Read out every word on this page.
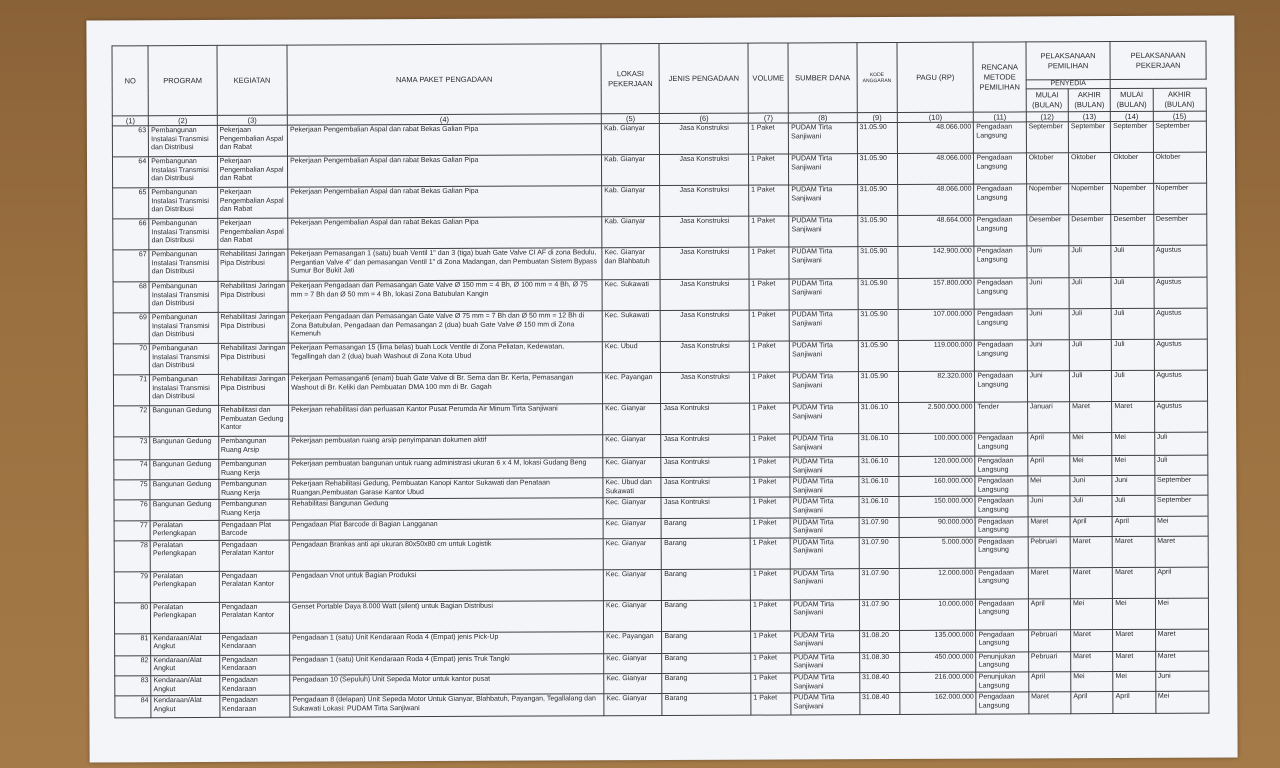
NO	PROGRAM	KEGIATAN	NAMA PAKET PENGADAAN	LOKASI PEKERJAAN	JENIS PENGADAAN	VOLUME	SUMBER DANA	KODE ANGGARAN	PAGU (RP)	RENCANA METODE PEMILIHAN	PELAKSANAAN PEMILIHAN		PELAKSANAAN PEKERJAAN	
											PENYEDIA			
											MULAI (BULAN)	AKHIR (BULAN)	MULAI (BULAN)	AKHIR (BULAN)
(1)	(2)	(3)	(4)	(5)	(6)	(7)	(8)	(9)	(10)	(11)	(12)	(13)	(14)	(15)
63	Pembangunan Instalasi Transmisi dan Distribusi	Pekerjaan Pengembalian Aspal dan Rabat	Pekerjaan Pengembalian Aspal dan rabat Bekas Galian Pipa	Kab. Gianyar	Jasa Konstruksi	1 Paket	PUDAM Tirta Sanjiwani	31.05.90	48.066.000	Pengadaan Langsung	September	September	September	September
64	Pembangunan Instalasi Transmisi dan Distribusi	Pekerjaan Pengembalian Aspal dan Rabat	Pekerjaan Pengembalian Aspal dan rabat Bekas Galian Pipa	Kab. Gianyar	Jasa Konstruksi	1 Paket	PUDAM Tirta Sanjiwani	31.05.90	48.066.000	Pengadaan Langsung	Oktober	Oktober	Oktober	Oktober
65	Pembangunan Instalasi Transmisi dan Distribusi	Pekerjaan Pengembalian Aspal dan Rabat	Pekerjaan Pengembalian Aspal dan rabat Bekas Galian Pipa	Kab. Gianyar	Jasa Konstruksi	1 Paket	PUDAM Tirta Sanjiwani	31.05.90	48.066.000	Pengadaan Langsung	Nopember	Nopember	Nopember	Nopember
66	Pembangunan Instalasi Transmisi dan Distribusi	Pekerjaan Pengembalian Aspal dan Rabat	Pekerjaan Pengembalian Aspal dan rabat Bekas Galian Pipa	Kab. Gianyar	Jasa Konstruksi	1 Paket	PUDAM Tirta Sanjiwani	31.05.90	48.664.000	Pengadaan Langsung	Desember	Desember	Desember	Desember
67	Pembangunan Instalasi Transmisi dan Distribusi	Rehabilitasi Jaringan Pipa Distribusi	Pekerjaan Pemasangan 1 (satu) buah Ventil 1" dan 3 (tiga) buah Gate Valve CI AF di zona Bedulu, Pergantian Valve 4" dan pemasangan Ventil 1" di Zona Madangan, dan Pembuatan Sistem Bypass Sumur Bor Bukit Jati	Kec. Gianyar dan Blahbatuh	Jasa Konstruksi	1 Paket	PUDAM Tirta Sanjiwani	31.05.90	142.900.000	Pengadaan Langsung	Juni	Juli	Juli	Agustus
68	Pembangunan Instalasi Transmisi dan Distribusi	Rehabilitasi Jaringan Pipa Distribusi	Pekerjaan Pengadaan dan Pemasangan Gate Valve Ø 150 mm = 4 Bh, Ø 100 mm = 4 Bh, Ø 75 mm = 7 Bh dan Ø 50 mm = 4 Bh, lokasi Zona Batubulan Kangin	Kec. Sukawati	Jasa Konstruksi	1 Paket	PUDAM Tirta Sanjiwani	31.05.90	157.800.000	Pengadaan Langsung	Juni	Juli	Juli	Agustus
69	Pembangunan Instalasi Transmisi dan Distribusi	Rehabilitasi Jaringan Pipa Distribusi	Pekerjaan Pengadaan dan Pemasangan Gate Valve Ø 75 mm = 7 Bh dan Ø 50 mm = 12 Bh di Zona Batubulan, Pengadaan dan Pemasangan 2 (dua) buah Gate Valve Ø 150 mm di Zona Kemenuh	Kec. Sukawati	Jasa Konstruksi	1 Paket	PUDAM Tirta Sanjiwani	31.05.90	107.000.000	Pengadaan Langsung	Juni	Juli	Juli	Agustus
70	Pembangunan Instalasi Transmisi dan Distribusi	Rehabilitasi Jaringan Pipa Distribusi	Pekerjaan Pemasangan 15 (lima belas) buah Lock Ventile di Zona Peliatan, Kedewatan, Tegallingah dan 2 (dua) buah Washout di Zona Kota Ubud	Kec. Ubud	Jasa Konstruksi	1 Paket	PUDAM Tirta Sanjiwani	31.05.90	119.000.000	Pengadaan Langsung	Juni	Juli	Juli	Agustus
71	Pembangunan Instalasi Transmisi dan Distribusi	Rehabilitasi Jaringan Pipa Distribusi	Pekerjaan Pemasangan6 (enam) buah Gate Valve di Br. Sema dan Br. Kerta, Pemasangan Washout di Br. Keliki dan Pembuatan DMA 100 mm di Br. Gagah	Kec. Payangan	Jasa Konstruksi	1 Paket	PUDAM Tirta Sanjiwani	31.05.90	82.320.000	Pengadaan Langsung	Juni	Juli	Juli	Agustus
72	Bangunan Gedung	Rehabilitasi dan Pembuatan Gedung Kantor	Pekerjaan rehabilitasi dan perluasan Kantor Pusat Perumda Air Minum Tirta Sanjiwani	Kec. Gianyar	Jasa Kontruksi	1 Paket	PUDAM Tirta Sanjiwani	31.06.10	2.500.000.000	Tender	Januari	Maret	Maret	Agustus
73	Bangunan Gedung	Pembangunan Ruang Arsip	Pekerjaan pembuatan ruang arsip penyimpanan dokumen aktif	Kec. Gianyar	Jasa Kontruksi	1 Paket	PUDAM Tirta Sanjiwani	31.06.10	100.000.000	Pengadaan Langsung	April	Mei	Mei	Juli
74	Bangunan Gedung	Pembangunan Ruang Kerja	Pekerjaan pembuatan bangunan untuk ruang administrasi ukuran 6 x 4 M, lokasi Gudang Beng	Kec. Gianyar	Jasa Kontruksi	1 Paket	PUDAM Tirta Sanjiwani	31.06.10	120.000.000	Pengadaan Langsung	April	Mei	Mei	Juli
75	Bangunan Gedung	Pembangunan Ruang Kerja	Pekerjaan Rehabilitasi Gedung, Pembuatan Kanopi Kantor Sukawati dan Penataan Ruangan,Pembuatan Garase Kantor Ubud	Kec. Ubud dan Sukawati	Jasa Kontruksi	1 Paket	PUDAM Tirta Sanjiwani	31.06.10	160.000.000	Pengadaan Langsung	Mei	Juni	Juni	September
76	Bangunan Gedung	Pembangunan Ruang Kerja	Rehabilitasi Bangunan Gedung	Kec. Gianyar	Jasa Kontruksi	1 Paket	PUDAM Tirta Sanjiwani	31.06.10	150.000.000	Pengadaan Langsung	Juni	Juli	Juli	September
77	Peralatan Perlengkapan	Pengadaan Plat Barcode	Pengadaan Plat Barcode di Bagian Langganan	Kec. Gianyar	Barang	1 Paket	PUDAM Tirta Sanjiwani	31.07.90	90.000.000	Pengadaan Langsung	Maret	April	April	Mei
78	Peralatan Perlengkapan	Pengadaan Peralatan Kantor	Pengadaan Brankas anti api ukuran 80x50x80 cm untuk Logistik	Kec. Gianyar	Barang	1 Paket	PUDAM Tirta Sanjiwani	31.07.90	5.000.000	Pengadaan Langsung	Pebruari	Maret	Maret	Maret
79	Peralatan Perlengkapan	Pengadaan Peralatan Kantor	Pengadaan Vnot untuk Bagian Produksi	Kec. Gianyar	Barang	1 Paket	PUDAM Tirta Sanjiwani	31.07.90	12.000.000	Pengadaan Langsung	Maret	Maret	Maret	April
80	Peralatan Perlengkapan	Pengadaan Peralatan Kantor	Genset Portable Daya 8.000 Watt (silent) untuk Bagian Distribusi	Kec. Gianyar	Barang	1 Paket	PUDAM Tirta Sanjiwani	31.07.90	10.000.000	Pengadaan Langsung	April	Mei	Mei	Mei
81	Kendaraan/Alat Angkut	Pengadaan Kendaraan	Pengadaan 1 (satu) Unit Kendaraan Roda 4 (Empat) jenis Pick-Up	Kec. Payangan	Barang	1 Paket	PUDAM Tirta Sanjiwani	31.08.20	135.000.000	Pengadaan Langsung	Pebruari	Maret	Maret	Maret
82	Kendaraan/Alat Angkut	Pengadaan Kendaraan	Pengadaan 1 (satu) Unit Kendaraan Roda 4 (Empat) jenis Truk Tangki	Kec. Gianyar	Barang	1 Paket	PUDAM Tirta Sanjiwani	31.08.30	450.000.000	Penunjukan Langsung	Pebruari	Maret	Maret	Maret
83	Kendaraan/Alat Angkut	Pengadaan Kendaraan	Pengadaan 10 (Sepuluh) Unit Sepeda Motor untuk kantor pusat	Kec. Gianyar	Barang	1 Paket	PUDAM Tirta Sanjiwani	31.08.40	216.000.000	Penunjukan Langsung	April	Mei	Mei	Juni
84	Kendaraan/Alat Angkut	Pengadaan Kendaraan	Pengadaan 8 (delapan) Unit Sepeda Motor Untuk Gianyar, Blahbatuh, Payangan, Tegallalang dan Sukawati Lokasi: PUDAM Tirta Sanjiwani	Kec. Gianyar	Barang	1 Paket	PUDAM Tirta Sanjiwani	31.08.40	162.000.000	Pengadaan Langsung	Maret	April	April	Mei
